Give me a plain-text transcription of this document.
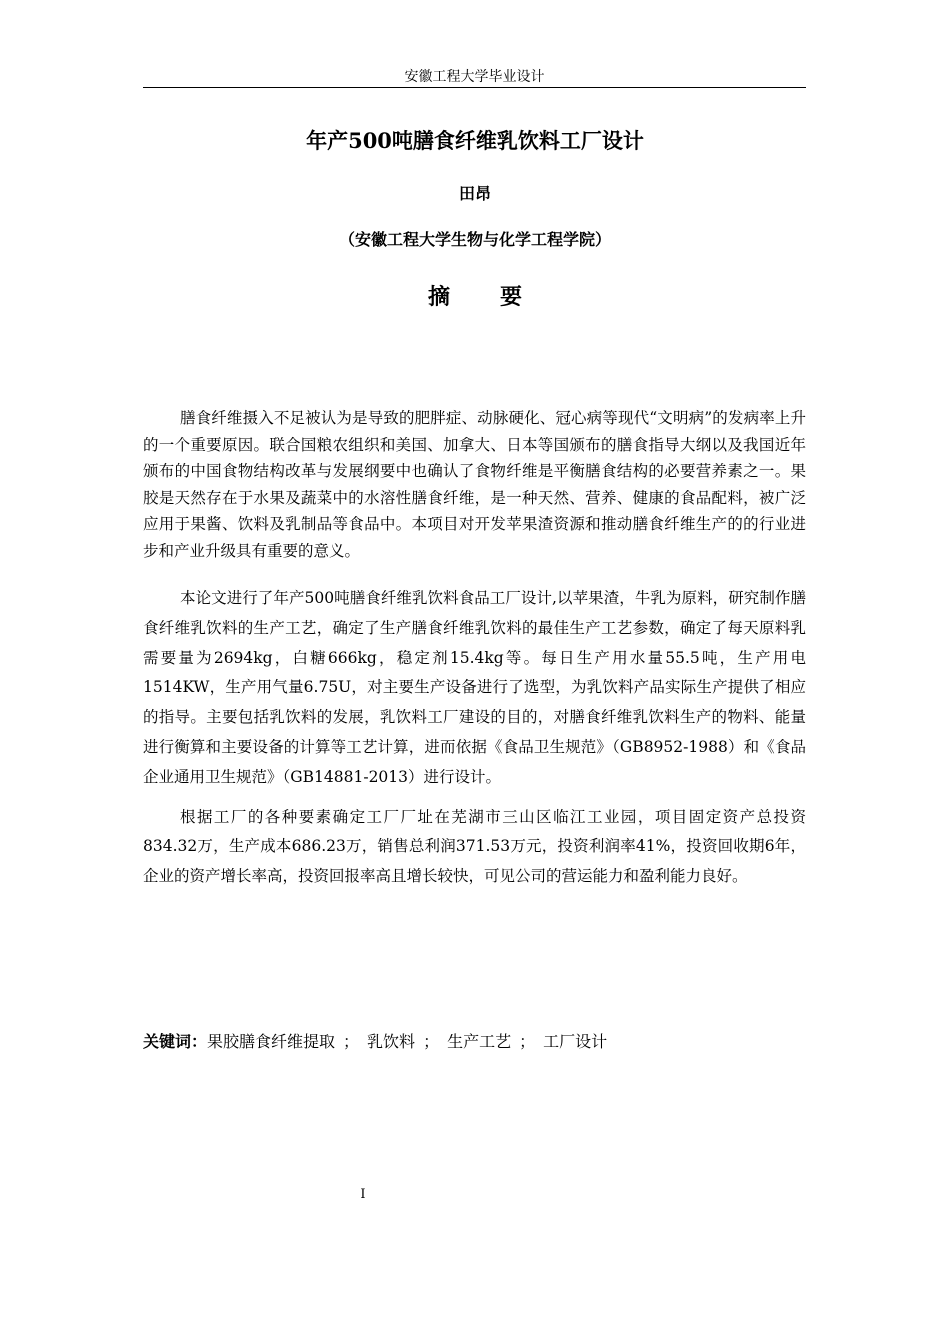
安徽工程大学毕业设计
年产500吨膳食纤维乳饮料工厂设计
田昂
（安徽工程大学生物与化学工程学院）
摘要

膳食纤维摄入不足被认为是导致的肥胖症、动脉硬化、冠心病等现代“文明病”的发病率上升的一个重要原因。联合国粮农组织和美国、加拿大、日本等国颁布的膳食指导大纲以及我国近年颁布的中国食物结构改革与发展纲要中也确认了食物纤维是平衡膳食结构的必要营养素之一。果胶是天然存在于水果及蔬菜中的水溶性膳食纤维，是一种天然、营养、健康的食品配料，被广泛应用于果酱、饮料及乳制品等食品中。本项目对开发苹果渣资源和推动膳食纤维生产的的行业进步和产业升级具有重要的意义。

本论文进行了年产500吨膳食纤维乳饮料食品工厂设计,以苹果渣，牛乳为原料，研究制作膳食纤维乳饮料的生产工艺，确定了生产膳食纤维乳饮料的最佳生产工艺参数，确定了每天原料乳需要量为2694kg，白糖666kg，稳定剂15.4kg等。每日生产用水量55.5吨，生产用电1514KW，生产用气量6.75U，对主要生产设备进行了选型，为乳饮料产品实际生产提供了相应的指导。主要包括乳饮料的发展，乳饮料工厂建设的目的，对膳食纤维乳饮料生产的物料、能量进行衡算和主要设备的计算等工艺计算，进而依据《食品卫生规范》（GB8952-1988）和《食品企业通用卫生规范》（GB14881-2013）进行设计。

根据工厂的各种要素确定工厂厂址在芜湖市三山区临江工业园，项目固定资产总投资834.32万，生产成本686.23万，销售总利润371.53万元，投资利润率41%，投资回收期6年，企业的资产增长率高，投资回报率高且增长较快，可见公司的营运能力和盈利能力良好。

关键词：果胶膳食纤维提取 ； 乳饮料 ； 生产工艺 ； 工厂设计
I
